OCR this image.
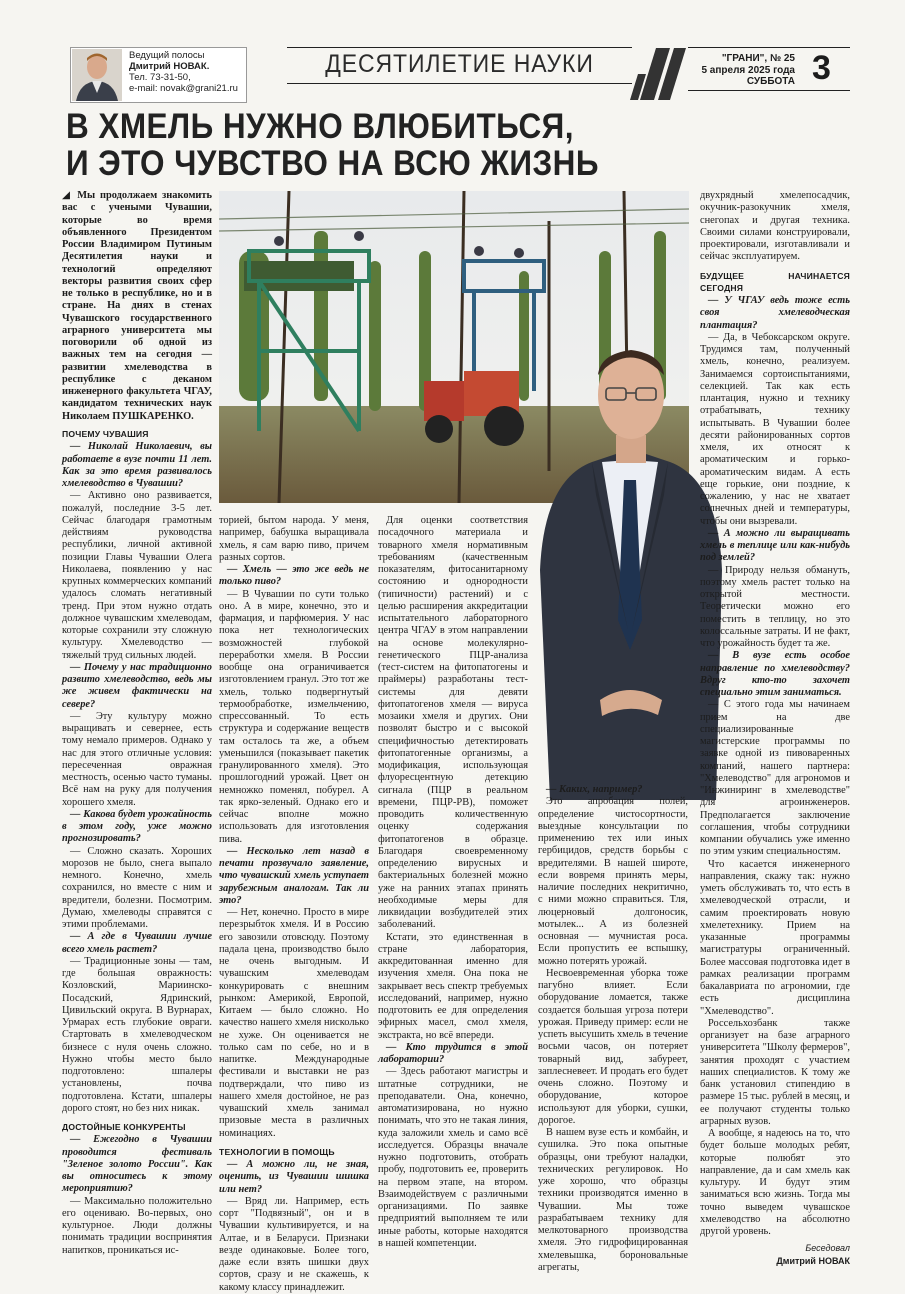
Ведущий полосы
Дмитрий НОВАК.
Тел. 73-31-50,
e-mail: novak@grani21.ru
ДЕСЯТИЛЕТИЕ НАУКИ	"ГРАНИ", № 25
5 апреля 2025 года
СУББОТА 3
В ХМЕЛЬ НУЖНО ВЛЮБИТЬСЯ,
И ЭТО ЧУВСТВО НА ВСЮ ЖИЗНЬ

◢ Мы продолжаем знакомить вас с учеными Чувашии, которые во время объявленного Президентом России Владимиром Путиным Десятилетия науки и технологий определяют векторы развития своих сфер не только в республике, но и в стране. На днях в стенах Чувашского государственного аграрного университета мы поговорили об одной из важных тем на сегодня — развитии хмелеводства в республике с деканом инженерного факультета ЧГАУ, кандидатом технических наук Николаем ПУШКАРЕНКО.

ПОЧЕМУ ЧУВАШИЯ

— Николай Николаевич, вы работаете в вузе почти 11 лет. Как за это время развивалось хмелеводство в Чувашии?

— Активно оно развивается, пожалуй, последние 3-5 лет. Сейчас благодаря грамотным действиям руководства республики, личной активной позиции Главы Чувашии Олега Николаева, появлению у нас крупных коммерческих компаний удалось сломать негативный тренд. При этом нужно отдать должное чувашским хмелеводам, которые сохранили эту сложную культуру. Хмелеводство — тяжелый труд сильных людей.

— Почему у нас традиционно развито хмелеводство, ведь мы же живем фактически на севере?

— Эту культуру можно выращивать и севернее, есть тому немало примеров. Однако у нас для этого отличные условия: пересеченная овражная местность, осенью часто туманы. Всё нам на руку для получения хорошего хмеля.

— Какова будет урожайность в этом году, уже можно прогнозировать?

— Сложно сказать. Хороших морозов не было, снега выпало немного. Конечно, хмель сохранился, но вместе с ним и вредители, болезни. Посмотрим. Думаю, хмелеводы справятся с этими проблемами.

— А где в Чувашии лучше всего хмель растет?

— Традиционные зоны — там, где большая овражность: Козловский, Мариинско-Посадский, Ядринский, Цивильский округа. В Вурнарах, Урмарах есть глубокие овраги. Стартовать в хмелеводческом бизнесе с нуля очень сложно. Нужно чтобы место было подготовлено: шпалеры установлены, почва подготовлена. Кстати, шпалеры дорого стоят, но без них никак.

ДОСТОЙНЫЕ КОНКУРЕНТЫ

— Ежегодно в Чувашии проводится фестиваль "Зеленое золото России". Как вы относитесь к этому мероприятию?

— Максимально положительно его оцениваю. Во-первых, оно культурное. Люди должны понимать традиции воспринятия напитков, проникаться ис-

торией, бытом народа. У меня, например, бабушка выращивала хмель, я сам варю пиво, причем разных сортов.

— Хмель — это же ведь не только пиво?

— В Чувашии по сути только оно. А в мире, конечно, это и фармация, и парфюмерия. У нас пока нет технологических возможностей глубокой переработки хмеля. В России вообще она ограничивается изготовлением гранул. Это тот же хмель, только подвергнутый термообработке, измельчению, спрессованный. То есть структура и содержание веществ там осталось та же, а объем уменьшился (показывает пакетик гранулированного хмеля). Это прошлогодний урожай. Цвет он немножко поменял, побурел. А так ярко-зеленый. Однако его и сейчас вполне можно использовать для изготовления пива.

— Несколько лет назад в печати прозвучало заявление, что чувашский хмель уступает зарубежным аналогам. Так ли это?

— Нет, конечно. Просто в мире перезрыбток хмеля. И в Россию его завозили отовсюду. Поэтому падала цена, производство было не очень выгодным. И чувашским хмелеводам конкурировать с внешним рынком: Америкой, Европой, Китаем — было сложно. Но качество нашего хмеля нисколько не хуже. Он оценивается не только сам по себе, но и в напитке. Международные фестивали и выставки не раз подтверждали, что пиво из нашего хмеля достойное, не раз чувашский хмель занимал призовые места в различных номинациях.

ТЕХНОЛОГИИ В ПОМОЩЬ

— А можно ли, не зная, оценить, из Чувашии шишка или нет?

— Вряд ли. Например, есть сорт "Подвязный", он и в Чувашии культивируется, и на Алтае, и в Беларуси. Признаки везде одинаковые. Более того, даже если взять шишки двух сортов, сразу и не скажешь, к какому классу принадлежит.

Для оценки соответствия посадочного материала и товарного хмеля нормативным требованиям (качественным показателям, фитосанитарному состоянию и однородности (типичности) растений) и с целью расширения аккредитации испытательного лабораторного центра ЧГАУ в этом направлении на основе молекулярно-генетического ПЦР-анализа (тест-систем на фитопатогены и праймеры) разработаны тест-системы для девяти фитопатогенов хмеля — вируса мозаики хмеля и других. Они позволят быстро и с высокой специфичностью детектировать фитопатогенные организмы, а модификация, использующая флуоресцентную детекцию сигнала (ПЦР в реальном времени, ПЦР-РВ), поможет проводить количественную оценку содержания фитопатогенов в образце. Благодаря своевременному определению вирусных и бактериальных болезней можно уже на ранних этапах принять необходимые меры для ликвидации возбудителей этих заболеваний.

Кстати, это единственная в стране лаборатория, аккредитованная именно для изучения хмеля. Она пока не закрывает весь спектр требуемых исследований, например, нужно подготовить ее для определения эфирных масел, смол хмеля, экстракта, но всё впереди.

— Кто трудится в этой лаборатории?

— Здесь работают магистры и штатные сотрудники, не преподаватели. Она, конечно, автоматизирована, но нужно понимать, что это не такая линия, куда заложили хмель и само всё исследуется. Образцы вначале нужно подготовить, отобрать пробу, подготовить ее, проверить на первом этапе, на втором. Взаимодействуем с различными организациями. По заявке предприятий выполняем те или иные работы, которые находятся в нашей компетенции.

— Каких, например?

Это апробация полей, определение чистосортности, выездные консультации по применению тех или иных гербицидов, средств борьбы с вредителями. В нашей широте, если вовремя принять меры, наличие последних некритично, с ними можно справиться. Тля, люцерновый долгоносик, мотылек... А из болезней основная — мучнистая роса. Если пропустить ее вспышку, можно потерять урожай.

Несвоевременная уборка тоже пагубно влияет. Если оборудование ломается, также создается большая угроза потери урожая. Приведу пример: если не успеть высушить хмель в течение восьми часов, он потеряет товарный вид, забуреет, заплесневеет. И продать его будет очень сложно. Поэтому и оборудование, которое используют для уборки, сушки, дорогое.

В нашем вузе есть и комбайн, и сушилка. Это пока опытные образцы, они требуют наладки, технических регулировок. Но уже хорошо, что образцы техники производятся именно в Чувашии. Мы тоже разрабатываем технику для мелкотоварного производства хмеля. Это гидрофицированная хмелевышка, бороновальные агрегаты,

двухрядный хмелепосадчик, окучник-разокучник хмеля, снегопах и другая техника. Своими силами конструировали, проектировали, изготавливали и сейчас эксплуатируем.

БУДУЩЕЕ НАЧИНАЕТСЯ СЕГОДНЯ

— У ЧГАУ ведь тоже есть своя хмелеводческая плантация?

— Да, в Чебоксарском округе. Трудимся там, полученный хмель, конечно, реализуем. Занимаемся сортоиспытаниями, селекцией. Так как есть плантация, нужно и технику отрабатывать, технику испытывать. В Чувашии более десяти районированных сортов хмеля, их относят к ароматическим и горько-ароматическим видам. А есть еще горькие, они поздние, к сожалению, у нас не хватает солнечных дней и температуры, чтобы они вызревали.

— А можно ли выращивать хмель в теплице или как-нибудь под землей?

— Природу нельзя обмануть, поэтому хмель растет только на открытой местности. Теоретически можно его поместить в теплицу, но это колоссальные затраты. И не факт, что урожайность будет та же.

— В вузе есть особое направление по хмелеводству? Вдруг кто-то захочет специально этим заниматься.

— С этого года мы начинаем прием на две специализированные магистерские программы по заявке одной из пивоваренных компаний, нашего партнера: "Хмелеводство" для агрономов и "Инжиниринг в хмелеводстве" для агроинженеров. Предполагается заключение соглашения, чтобы сотрудники компании обучались уже именно по этим узким специальностям.

Что касается инженерного направления, скажу так: нужно уметь обслуживать то, что есть в хмелеводческой отрасли, и самим проектировать новую хмелетехнику. Прием на указанные программы магистратуры ограниченный. Более массовая подготовка идет в рамках реализации программ бакалавриата по агрономии, где есть дисциплина "Хмелеводство".

Россельхозбанк также организует на базе аграрного университета "Школу фермеров", занятия проходят с участием наших специалистов. К тому же банк установил стипендию в размере 15 тыс. рублей в месяц, и ее получают студенты только аграрных вузов.

А вообще, я надеюсь на то, что будет больше молодых ребят, которые полюбят это направление, да и сам хмель как культуру. И будут этим заниматься всю жизнь. Тогда мы точно выведем чувашское хмелеводство на абсолютно другой уровень.

Беседовал
Дмитрий НОВАК
